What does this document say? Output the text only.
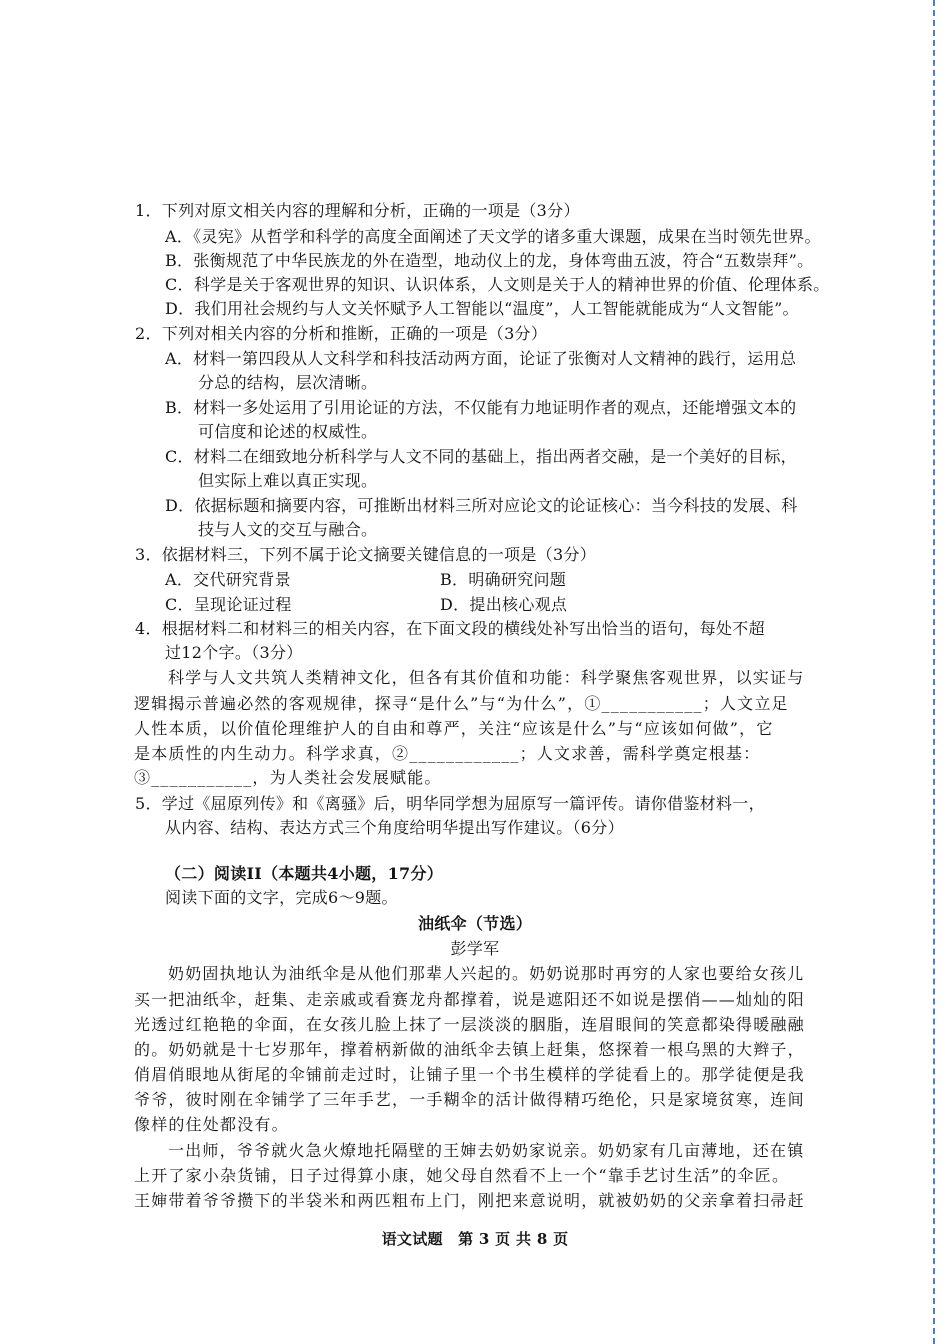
1．下列对原文相关内容的理解和分析，正确的一项是（3分）
A．《灵宪》从哲学和科学的高度全面阐述了天文学的诸多重大课题，成果在当时领先世界。
B．张衡规范了中华民族龙的外在造型，地动仪上的龙，身体弯曲五波，符合“五数崇拜”。
C．科学是关于客观世界的知识、认识体系，人文则是关于人的精神世界的价值、伦理体系。
D．我们用社会规约与人文关怀赋予人工智能以“温度”，人工智能就能成为“人文智能”。
2．下列对相关内容的分析和推断，正确的一项是（3分）
A．材料一第四段从人文科学和科技活动两方面，论证了张衡对人文精神的践行，运用总
分总的结构，层次清晰。
B．材料一多处运用了引用论证的方法，不仅能有力地证明作者的观点，还能增强文本的
可信度和论述的权威性。
C．材料二在细致地分析科学与人文不同的基础上，指出两者交融，是一个美好的目标，
但实际上难以真正实现。
D．依据标题和摘要内容，可推断出材料三所对应论文的论证核心：当今科技的发展、科
技与人文的交互与融合。
3．依据材料三，下列不属于论文摘要关键信息的一项是（3分）
A．交代研究背景	B．明确研究问题
C．呈现论证过程	D．提出核心观点
4．根据材料二和材料三的相关内容，在下面文段的横线处补写出恰当的语句，每处不超
过12个字。（3分）
科学与人文共筑人类精神文化，但各有其价值和功能：科学聚焦客观世界，以实证与
逻辑揭示普遍必然的客观规律，探寻“是什么”与“为什么”，①___________；人文立足
人性本质，以价值伦理维护人的自由和尊严，关注“应该是什么”与“应该如何做”，它
是本质性的内生动力。科学求真，②____________；人文求善，需科学奠定根基：
③___________，为人类社会发展赋能。
5．学过《屈原列传》和《离骚》后，明华同学想为屈原写一篇评传。请你借鉴材料一，
从内容、结构、表达方式三个角度给明华提出写作建议。（6分）
（二）阅读II（本题共4小题，17分）
阅读下面的文字，完成6～9题。
油纸伞（节选）
彭学军
奶奶固执地认为油纸伞是从他们那辈人兴起的。奶奶说那时再穷的人家也要给女孩儿
买一把油纸伞，赶集、走亲戚或看赛龙舟都撑着，说是遮阳还不如说是摆俏——灿灿的阳
光透过红艳艳的伞面，在女孩儿脸上抹了一层淡淡的胭脂，连眉眼间的笑意都染得暖融融
的。奶奶就是十七岁那年，撑着柄新做的油纸伞去镇上赶集，悠探着一根乌黑的大辫子，
俏眉俏眼地从街尾的伞铺前走过时，让铺子里一个书生模样的学徒看上的。那学徒便是我
爷爷，彼时刚在伞铺学了三年手艺，一手糊伞的活计做得精巧绝伦，只是家境贫寒，连间
像样的住处都没有。
一出师，爷爷就火急火燎地托隔壁的王婶去奶奶家说亲。奶奶家有几亩薄地，还在镇
上开了家小杂货铺，日子过得算小康，她父母自然看不上一个“靠手艺讨生活”的伞匠。
王婶带着爷爷攒下的半袋米和两匹粗布上门，刚把来意说明，就被奶奶的父亲拿着扫帚赶
语文试题　第 3 页 共 8 页
